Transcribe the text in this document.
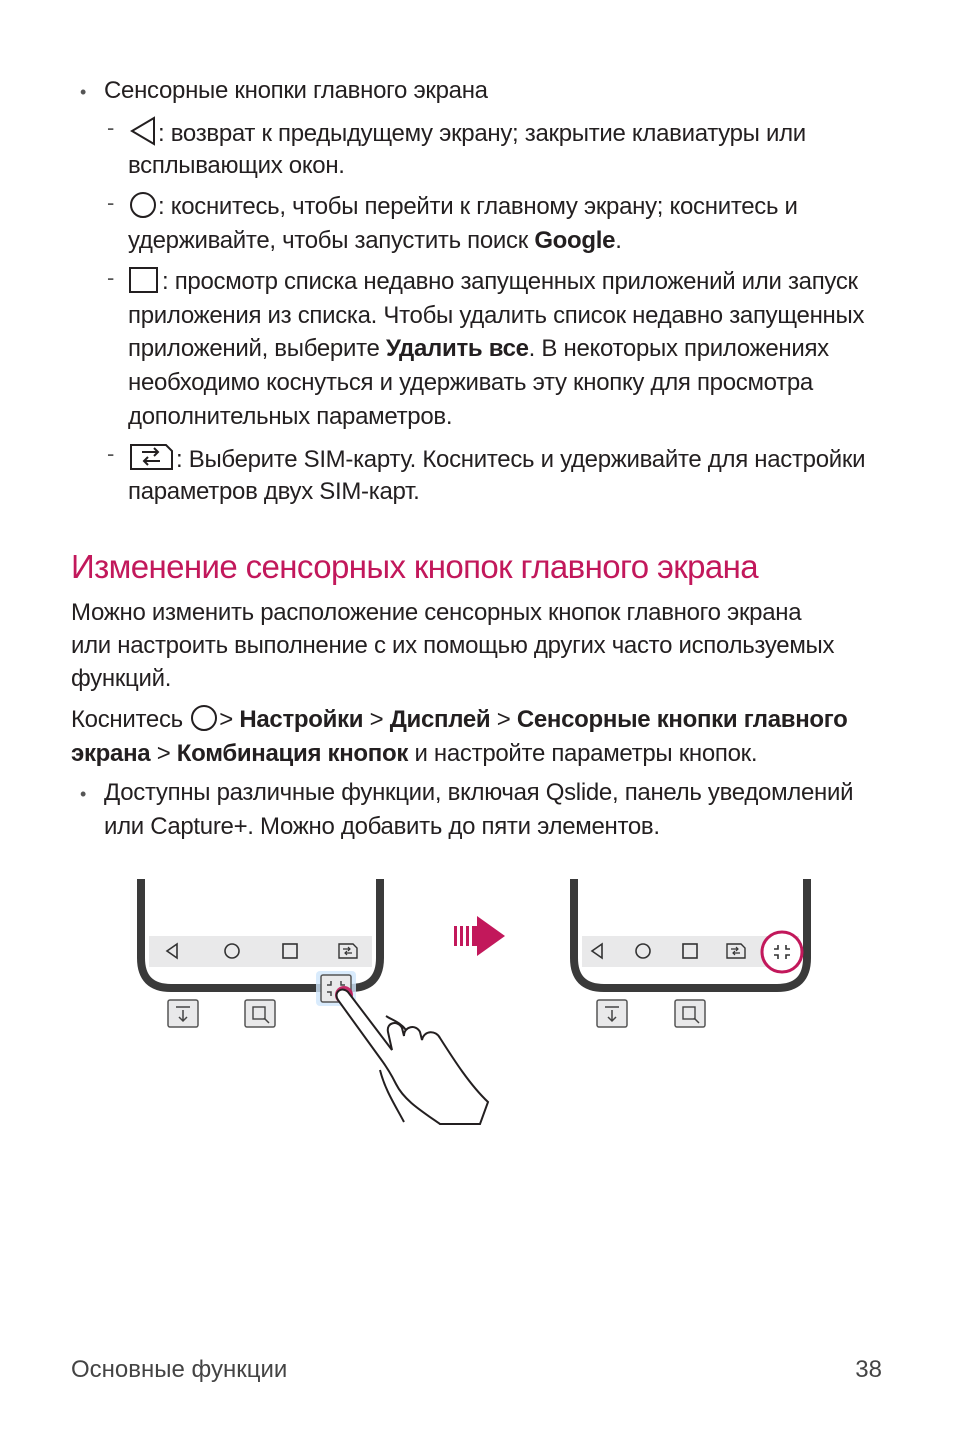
• Сенсорные кнопки главного экрана
-	: возврат к предыдущему экрану; закрытие клавиатуры или
всплывающих окон.
-	: коснитесь, чтобы перейти к главному экрану; коснитесь и
удерживайте, чтобы запустить поиск Google.
-	: просмотр списка недавно запущенных приложений или запуск
приложения из списка. Чтобы удалить список недавно запущенных
приложений, выберите Удалить все. В некоторых приложениях
необходимо коснуться и удерживать эту кнопку для просмотра
дополнительных параметров.
-	: Выберите SIM-карту. Коснитесь и удерживайте для настройки
параметров двух SIM-карт.
Изменение сенсорных кнопок главного экрана
Можно изменить расположение сенсорных кнопок главного экрана
или настроить выполнение с их помощью других часто используемых
функций.
Коснитесь > Настройки > Дисплей > Сенсорные кнопки главного
экрана > Комбинация кнопок и настройте параметры кнопок.
• Доступны различные функции, включая Qslide, панель уведомлений
или Capture+. Можно добавить до пяти элементов.
Основные функции	38
